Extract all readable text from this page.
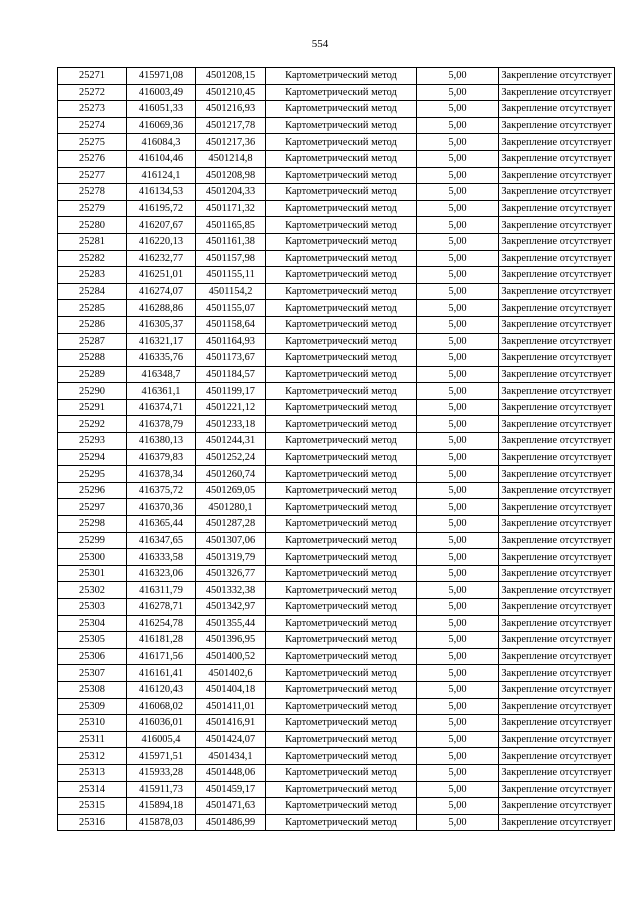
554
25271	415971,08	4501208,15	Картометрический метод	5,00	Закрепление отсутствует
25272	416003,49	4501210,45	Картометрический метод	5,00	Закрепление отсутствует
25273	416051,33	4501216,93	Картометрический метод	5,00	Закрепление отсутствует
25274	416069,36	4501217,78	Картометрический метод	5,00	Закрепление отсутствует
25275	416084,3	4501217,36	Картометрический метод	5,00	Закрепление отсутствует
25276	416104,46	4501214,8	Картометрический метод	5,00	Закрепление отсутствует
25277	416124,1	4501208,98	Картометрический метод	5,00	Закрепление отсутствует
25278	416134,53	4501204,33	Картометрический метод	5,00	Закрепление отсутствует
25279	416195,72	4501171,32	Картометрический метод	5,00	Закрепление отсутствует
25280	416207,67	4501165,85	Картометрический метод	5,00	Закрепление отсутствует
25281	416220,13	4501161,38	Картометрический метод	5,00	Закрепление отсутствует
25282	416232,77	4501157,98	Картометрический метод	5,00	Закрепление отсутствует
25283	416251,01	4501155,11	Картометрический метод	5,00	Закрепление отсутствует
25284	416274,07	4501154,2	Картометрический метод	5,00	Закрепление отсутствует
25285	416288,86	4501155,07	Картометрический метод	5,00	Закрепление отсутствует
25286	416305,37	4501158,64	Картометрический метод	5,00	Закрепление отсутствует
25287	416321,17	4501164,93	Картометрический метод	5,00	Закрепление отсутствует
25288	416335,76	4501173,67	Картометрический метод	5,00	Закрепление отсутствует
25289	416348,7	4501184,57	Картометрический метод	5,00	Закрепление отсутствует
25290	416361,1	4501199,17	Картометрический метод	5,00	Закрепление отсутствует
25291	416374,71	4501221,12	Картометрический метод	5,00	Закрепление отсутствует
25292	416378,79	4501233,18	Картометрический метод	5,00	Закрепление отсутствует
25293	416380,13	4501244,31	Картометрический метод	5,00	Закрепление отсутствует
25294	416379,83	4501252,24	Картометрический метод	5,00	Закрепление отсутствует
25295	416378,34	4501260,74	Картометрический метод	5,00	Закрепление отсутствует
25296	416375,72	4501269,05	Картометрический метод	5,00	Закрепление отсутствует
25297	416370,36	4501280,1	Картометрический метод	5,00	Закрепление отсутствует
25298	416365,44	4501287,28	Картометрический метод	5,00	Закрепление отсутствует
25299	416347,65	4501307,06	Картометрический метод	5,00	Закрепление отсутствует
25300	416333,58	4501319,79	Картометрический метод	5,00	Закрепление отсутствует
25301	416323,06	4501326,77	Картометрический метод	5,00	Закрепление отсутствует
25302	416311,79	4501332,38	Картометрический метод	5,00	Закрепление отсутствует
25303	416278,71	4501342,97	Картометрический метод	5,00	Закрепление отсутствует
25304	416254,78	4501355,44	Картометрический метод	5,00	Закрепление отсутствует
25305	416181,28	4501396,95	Картометрический метод	5,00	Закрепление отсутствует
25306	416171,56	4501400,52	Картометрический метод	5,00	Закрепление отсутствует
25307	416161,41	4501402,6	Картометрический метод	5,00	Закрепление отсутствует
25308	416120,43	4501404,18	Картометрический метод	5,00	Закрепление отсутствует
25309	416068,02	4501411,01	Картометрический метод	5,00	Закрепление отсутствует
25310	416036,01	4501416,91	Картометрический метод	5,00	Закрепление отсутствует
25311	416005,4	4501424,07	Картометрический метод	5,00	Закрепление отсутствует
25312	415971,51	4501434,1	Картометрический метод	5,00	Закрепление отсутствует
25313	415933,28	4501448,06	Картометрический метод	5,00	Закрепление отсутствует
25314	415911,73	4501459,17	Картометрический метод	5,00	Закрепление отсутствует
25315	415894,18	4501471,63	Картометрический метод	5,00	Закрепление отсутствует
25316	415878,03	4501486,99	Картометрический метод	5,00	Закрепление отсутствует
